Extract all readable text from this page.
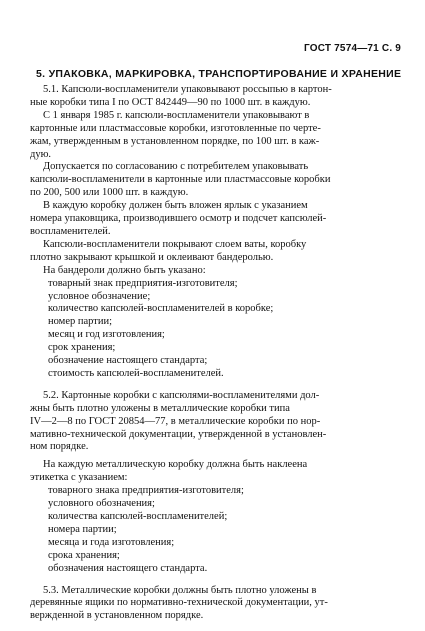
ГОСТ 7574—71 С. 9
5. УПАКОВКА, МАРКИРОВКА, ТРАНСПОРТИРОВАНИЕ И ХРАНЕНИЕ
5.1. Капсюли-воспламенители упаковывают россыпью в картон-
ные коробки типа I по ОСТ 842449—90 по 1000 шт. в каждую.
С 1 января 1985 г. капсюли-воспламенители упаковывают в
картонные или пластмассовые коробки, изготовленные по черте-
жам, утвержденным в установленном порядке, по 100 шт. в каж-
дую.
Допускается по согласованию с потребителем упаковывать
капсюли-воспламенители в картонные или пластмассовые коробки
по 200, 500 или 1000 шт. в каждую.
В каждую коробку должен быть вложен ярлык с указанием
номера упаковщика, производившего осмотр и подсчет капсюлей-
воспламенителей.
Капсюли-воспламенители покрывают слоем ваты, коробку
плотно закрывают крышкой и оклеивают бандеролью.
На бандероли должно быть указано:
товарный знак предприятия-изготовителя;
условное обозначение;
количество капсюлей-воспламенителей в коробке;
номер партии;
месяц и год изготовления;
срок хранения;
обозначение настоящего стандарта;
стоимость капсюлей-воспламенителей.
5.2. Картонные коробки с капсюлями-воспламенителями дол-
жны быть плотно уложены в металлические коробки типа
IV—2—8 по ГОСТ 20854—77, в металлические коробки по нор-
мативно-технической документации, утвержденной в установлен-
ном порядке.
На каждую металлическую коробку должна быть наклеена
этикетка с указанием:
товарного знака предприятия-изготовителя;
условного обозначения;
количества капсюлей-воспламенителей;
номера партии;
месяца и года изготовления;
срока хранения;
обозначения настоящего стандарта.
5.3. Металлические коробки должны быть плотно уложены в
деревянные ящики по нормативно-технической документации, ут-
вержденной в установленном порядке.
